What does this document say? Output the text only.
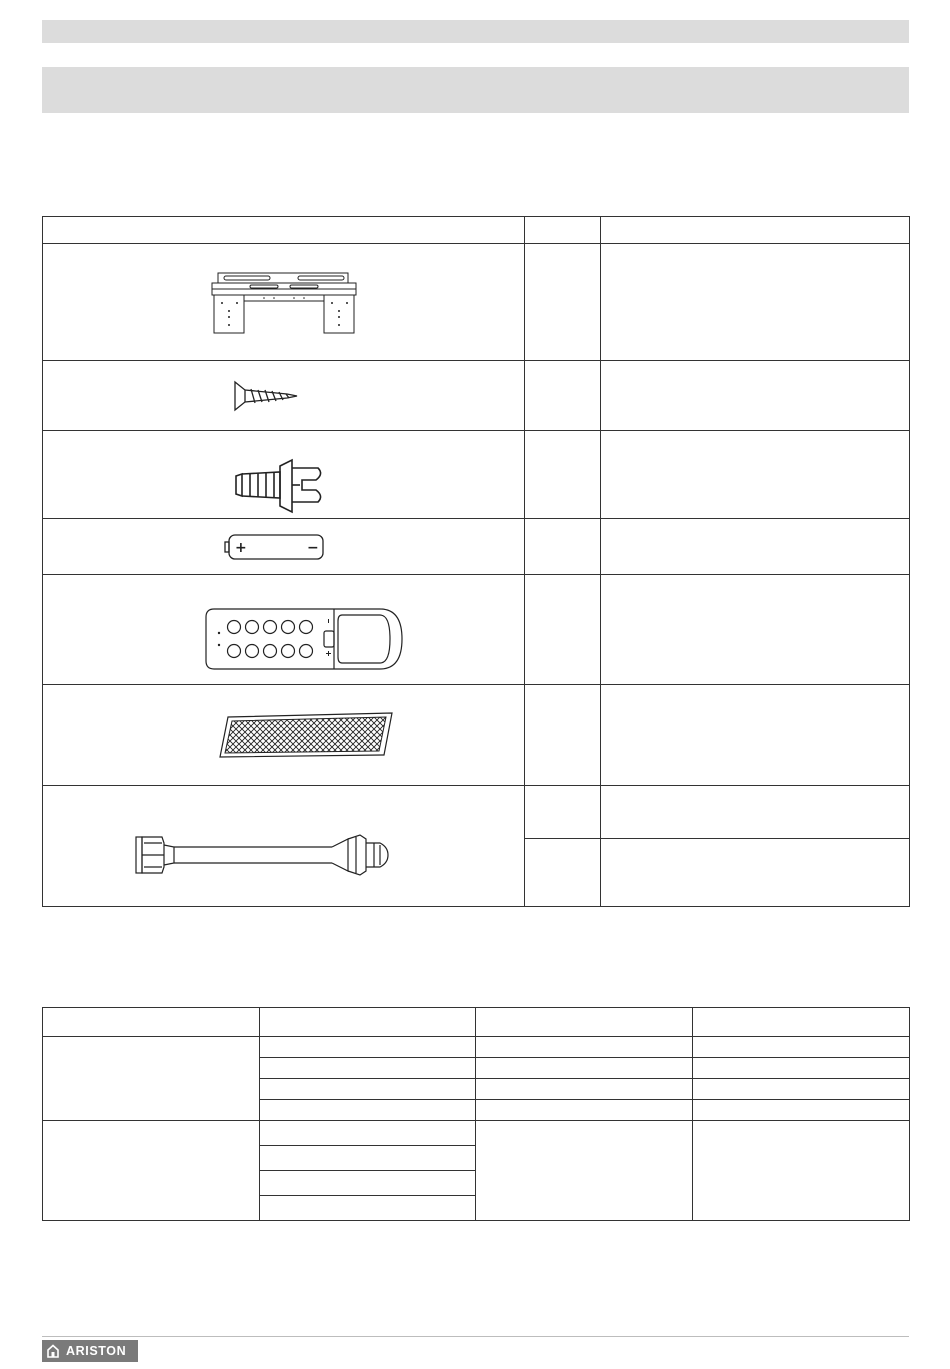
+ −		

ARISTON
